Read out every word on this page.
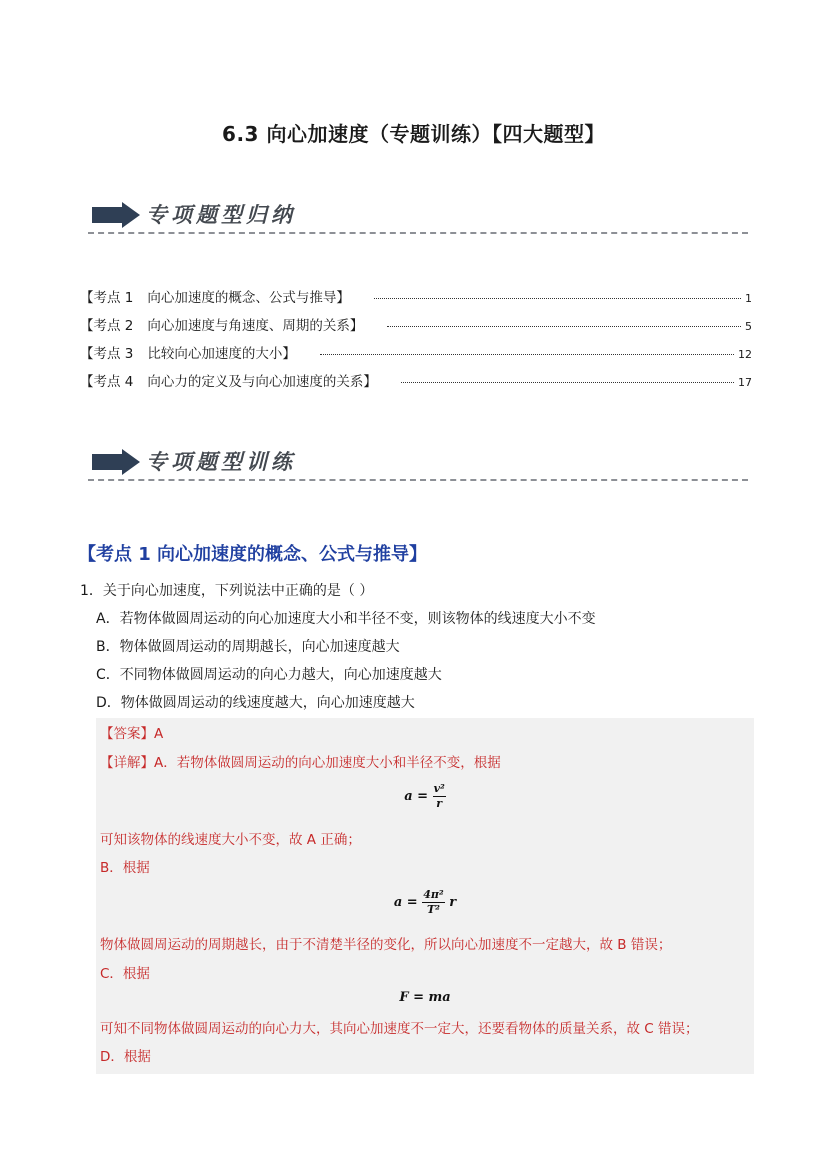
6.3 向心加速度（专题训练）【四大题型】
专项题型归纳
【考点 1 向心加速度的概念、公式与推导】	1
【考点 2 向心加速度与角速度、周期的关系】	5
【考点 3 比较向心加速度的大小】	12
【考点 4 向心力的定义及与向心加速度的关系】	17
专项题型训练
【考点 1 向心加速度的概念、公式与推导】
1．关于向心加速度，下列说法中正确的是（ ）
A．若物体做圆周运动的向心加速度大小和半径不变，则该物体的线速度大小不变
B．物体做圆周运动的周期越长，向心加速度越大
C．不同物体做圆周运动的向心力越大，向心加速度越大
D．物体做圆周运动的线速度越大，向心加速度越大
【答案】A
【详解】A．若物体做圆周运动的向心加速度大小和半径不变，根据
$a = \frac{\text{v²}}{r}$
可知该物体的线速度大小不变，故 A 正确；
B．根据
$a = \frac{\text{4π²}}{\text{T²}}$ r
物体做圆周运动的周期越长，由于不清楚半径的变化，所以向心加速度不一定越大，故 B 错误；
C．根据
F = ma
可知不同物体做圆周运动的向心力大，其向心加速度不一定大，还要看物体的质量关系，故 C 错误；
D．根据
